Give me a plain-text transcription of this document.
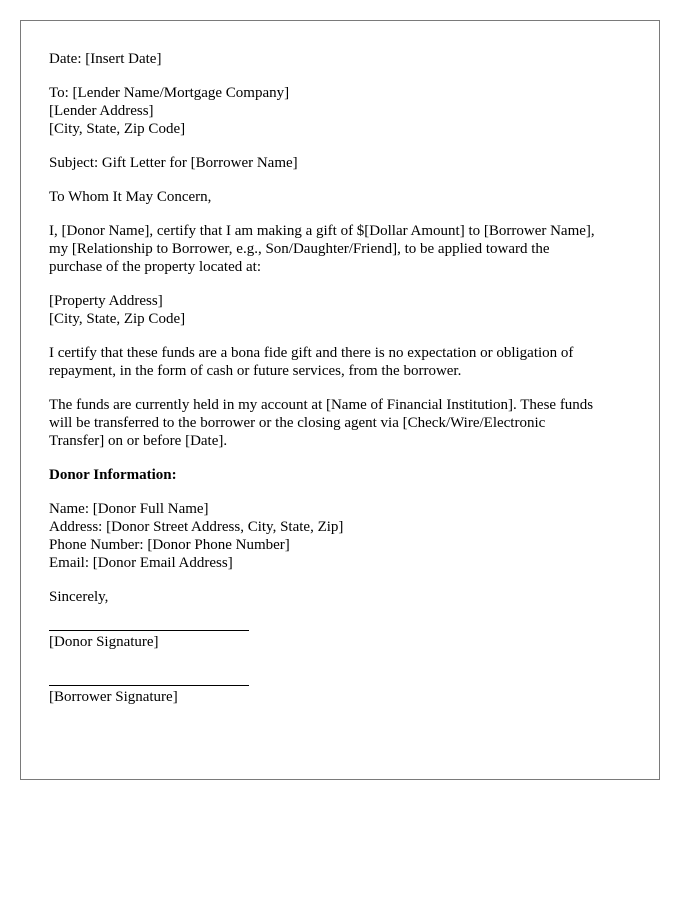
Date: [Insert Date]
To: [Lender Name/Mortgage Company]
[Lender Address]
[City, State, Zip Code]
Subject: Gift Letter for [Borrower Name]
To Whom It May Concern,
I, [Donor Name], certify that I am making a gift of $[Dollar Amount] to [Borrower Name],
my [Relationship to Borrower, e.g., Son/Daughter/Friend], to be applied toward the
purchase of the property located at:
[Property Address]
[City, State, Zip Code]
I certify that these funds are a bona fide gift and there is no expectation or obligation of
repayment, in the form of cash or future services, from the borrower.
The funds are currently held in my account at [Name of Financial Institution]. These funds
will be transferred to the borrower or the closing agent via [Check/Wire/Electronic
Transfer] on or before [Date].
Donor Information:
Name: [Donor Full Name]
Address: [Donor Street Address, City, State, Zip]
Phone Number: [Donor Phone Number]
Email: [Donor Email Address]
Sincerely,
[Donor Signature]
[Borrower Signature]
